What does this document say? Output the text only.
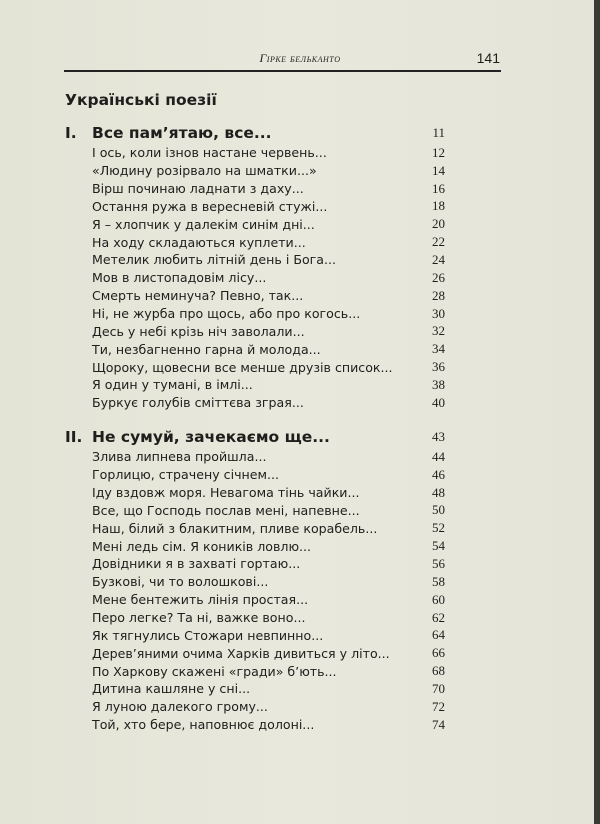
Гірке бельканто	141
Українські поезії
I. Все пам’ятаю, все...	11
І ось, коли ізнов настане червень...	12
«Людину розірвало на шматки...»	14
Вірш починаю ладнати з даху...	16
Остання ружа в вересневій стужі...	18
Я – хлопчик у далекім синім дні...	20
На ходу складаються куплети...	22
Метелик любить літній день і Бога...	24
Мов в листопадовім лісу...	26
Смерть неминуча? Певно, так...	28
Ні, не журба про щось, або про когось...	30
Десь у небі крізь ніч заволали...	32
Ти, незбагненно гарна й молода...	34
Щороку, щовесни все менше друзів список...	36
Я один у тумані, в імлі...	38
Буркує голубів сміттєва зграя...	40
II. Не сумуй, зачекаємо ще...	43
Злива липнева пройшла...	44
Горлицю, страчену січнем...	46
Іду вздовж моря. Невагома тінь чайки...	48
Все, що Господь послав мені, напевне...	50
Наш, білий з блакитним, пливе корабель...	52
Мені ледь сім. Я коників ловлю...	54
Довідники я в захваті гортаю...	56
Бузкові, чи то волошкові...	58
Мене бентежить лінія простая...	60
Перо легке? Та ні, важке воно...	62
Як тягнулись Стожари невпинно...	64
Дерев’яними очима Харків дивиться у літо...	66
По Харкову скажені «гради» б’ють...	68
Дитина кашляне у сні...	70
Я луною далекого грому...	72
Той, хто бере, наповнює долоні...	74
